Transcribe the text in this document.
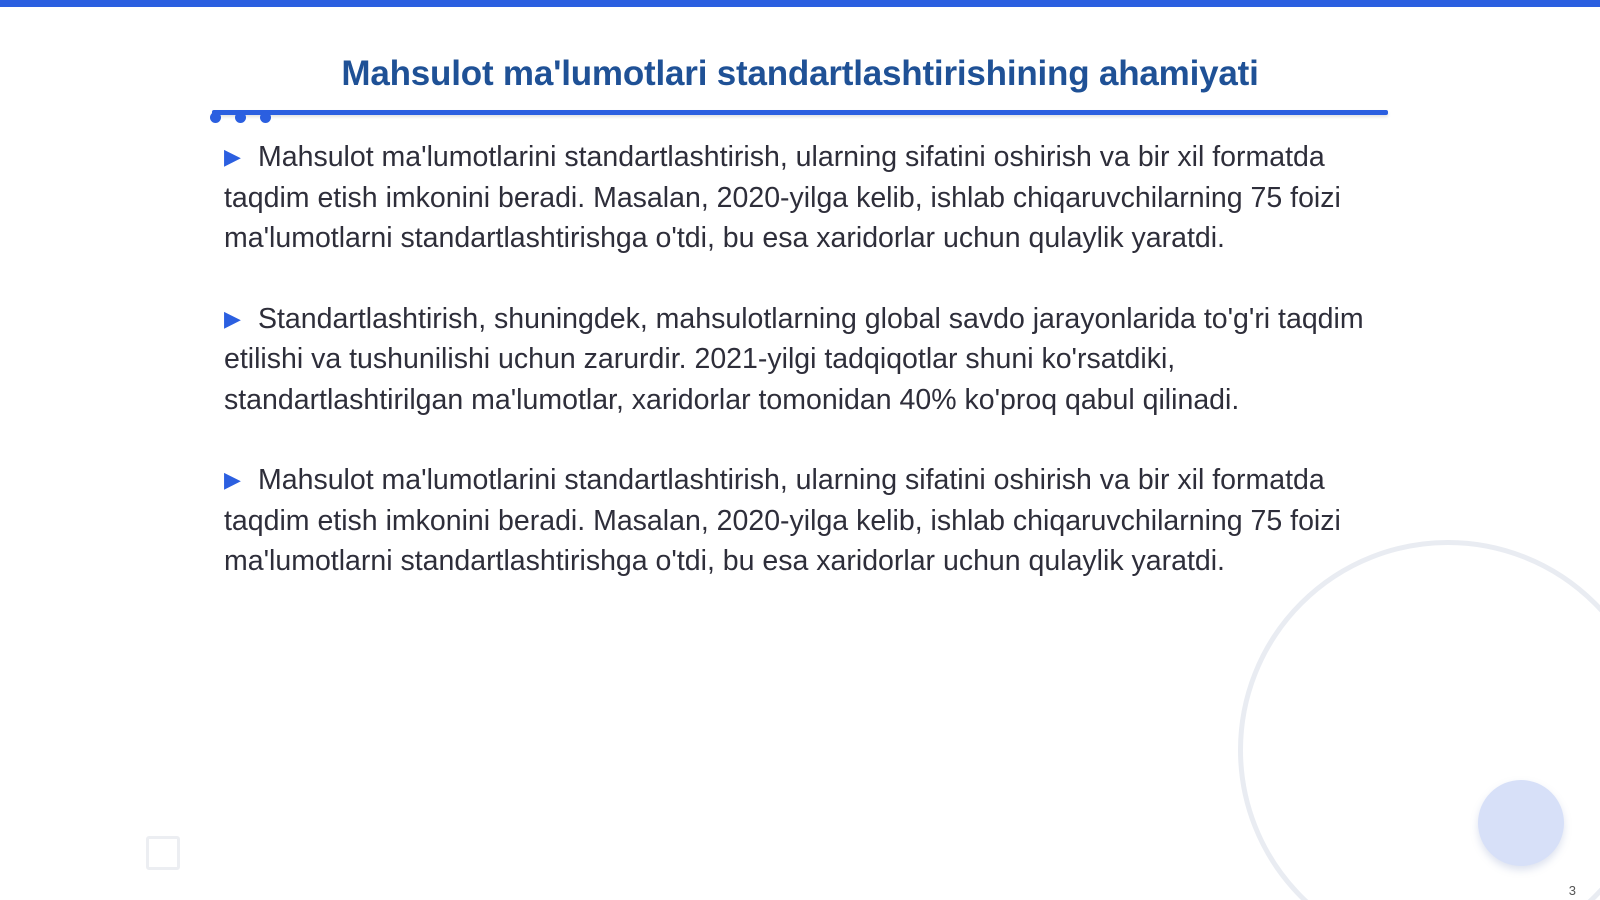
Mahsulot ma'lumotlari standartlashtirishining ahamiyati

▶ Mahsulot ma'lumotlarini standartlashtirish, ularning sifatini oshirish va bir xil formatda taqdim etish imkonini beradi. Masalan, 2020-yilga kelib, ishlab chiqaruvchilarning 75 foizi ma'lumotlarni standartlashtirishga o'tdi, bu esa xaridorlar uchun qulaylik yaratdi.

▶ Standartlashtirish, shuningdek, mahsulotlarning global savdo jarayonlarida to'g'ri taqdim etilishi va tushunilishi uchun zarurdir. 2021-yilgi tadqiqotlar shuni ko'rsatdiki, standartlashtirilgan ma'lumotlar, xaridorlar tomonidan 40% ko'proq qabul qilinadi.

▶ Mahsulot ma'lumotlarini standartlashtirish, ularning sifatini oshirish va bir xil formatda taqdim etish imkonini beradi. Masalan, 2020-yilga kelib, ishlab chiqaruvchilarning 75 foizi ma'lumotlarni standartlashtirishga o'tdi, bu esa xaridorlar uchun qulaylik yaratdi.

3
